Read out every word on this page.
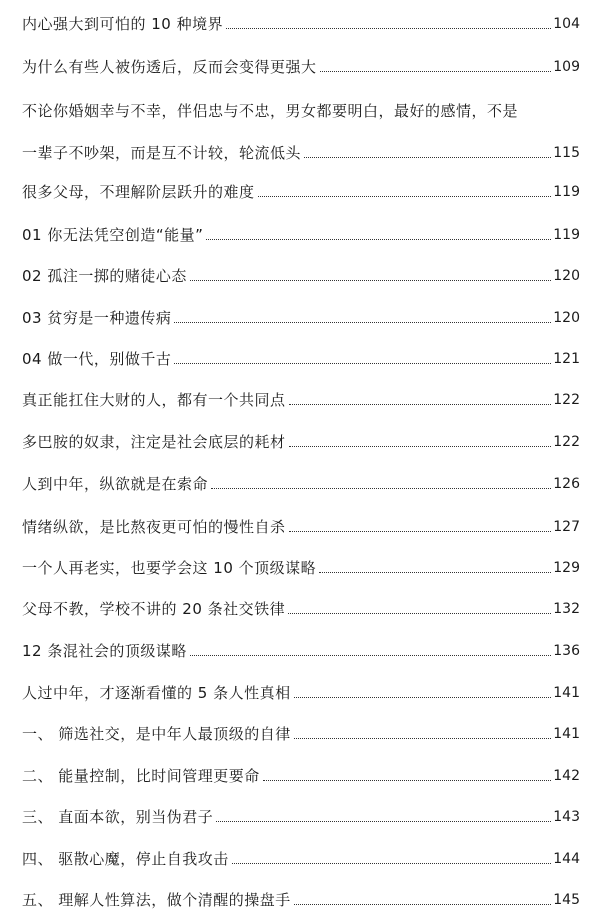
内心强大到可怕的 10 种境界	104
为什么有些人被伤透后，反而会变得更强大	109
不论你婚姻幸与不幸，伴侣忠与不忠，男女都要明白，最好的感情，不是
一辈子不吵架，而是互不计较，轮流低头	115
很多父母，不理解阶层跃升的难度	119
01 你无法凭空创造“能量”	119
02 孤注一掷的赌徒心态	120
03 贫穷是一种遗传病	120
04 做一代，别做千古	121
真正能扛住大财的人，都有一个共同点	122
多巴胺的奴隶，注定是社会底层的耗材	122
人到中年，纵欲就是在索命	126
情绪纵欲，是比熬夜更可怕的慢性自杀	127
一个人再老实，也要学会这 10 个顶级谋略	129
父母不教，学校不讲的 20 条社交铁律	132
12 条混社会的顶级谋略	136
人过中年，才逐渐看懂的 5 条人性真相	141
一、 筛选社交，是中年人最顶级的自律	141
二、 能量控制，比时间管理更要命	142
三、 直面本欲，别当伪君子	143
四、 驱散心魔，停止自我攻击	144
五、 理解人性算法，做个清醒的操盘手	145
